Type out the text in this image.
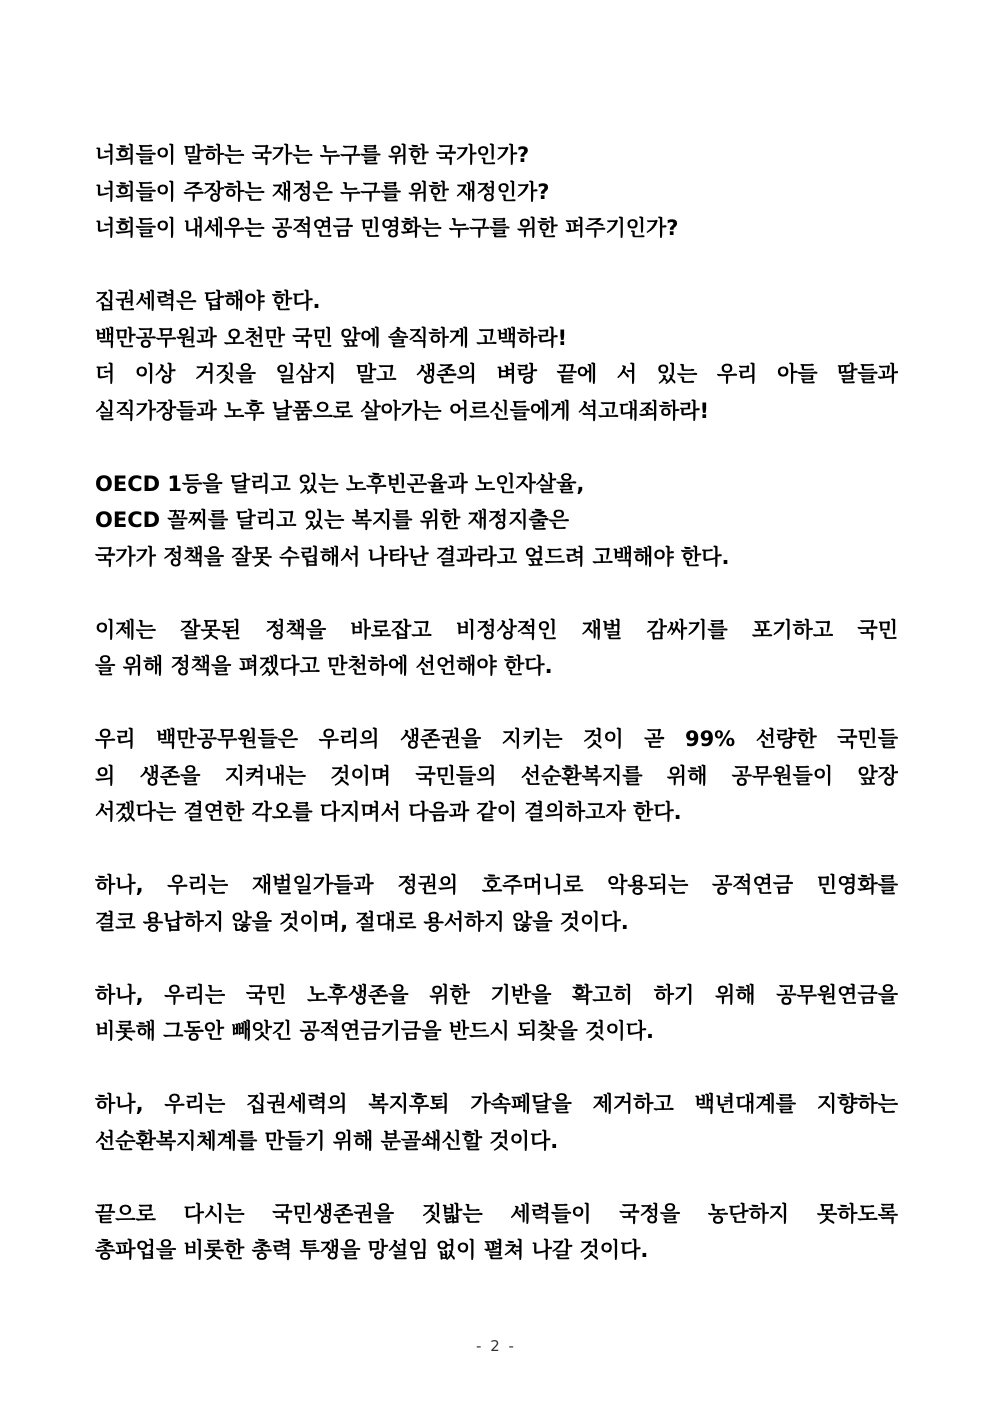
너희들이 말하는 국가는 누구를 위한 국가인가?
너희들이 주장하는 재정은 누구를 위한 재정인가?
너희들이 내세우는 공적연금 민영화는 누구를 위한 퍼주기인가?
집권세력은 답해야 한다.
백만공무원과 오천만 국민 앞에 솔직하게 고백하라!
더 이상 거짓을 일삼지 말고 생존의 벼랑 끝에 서 있는 우리 아들 딸들과
실직가장들과 노후 날품으로 살아가는 어르신들에게 석고대죄하라!
OECD 1등을 달리고 있는 노후빈곤율과 노인자살율,
OECD 꼴찌를 달리고 있는 복지를 위한 재정지출은
국가가 정책을 잘못 수립해서 나타난 결과라고 엎드려 고백해야 한다.
이제는 잘못된 정책을 바로잡고 비정상적인 재벌 감싸기를 포기하고 국민
을 위해 정책을 펴겠다고 만천하에 선언해야 한다.
우리 백만공무원들은 우리의 생존권을 지키는 것이 곧 99% 선량한 국민들
의 생존을 지켜내는 것이며 국민들의 선순환복지를 위해 공무원들이 앞장
서겠다는 결연한 각오를 다지며서 다음과 같이 결의하고자 한다.
하나, 우리는 재벌일가들과 정권의 호주머니로 악용되는 공적연금 민영화를
결코 용납하지 않을 것이며, 절대로 용서하지 않을 것이다.
하나, 우리는 국민 노후생존을 위한 기반을 확고히 하기 위해 공무원연금을
비롯해 그동안 빼앗긴 공적연금기금을 반드시 되찾을 것이다.
하나, 우리는 집권세력의 복지후퇴 가속페달을 제거하고 백년대계를 지향하는
선순환복지체계를 만들기 위해 분골쇄신할 것이다.
끝으로 다시는 국민생존권을 짓밟는 세력들이 국정을 농단하지 못하도록
총파업을 비롯한 총력 투쟁을 망설임 없이 펼쳐 나갈 것이다.
- 2 -
